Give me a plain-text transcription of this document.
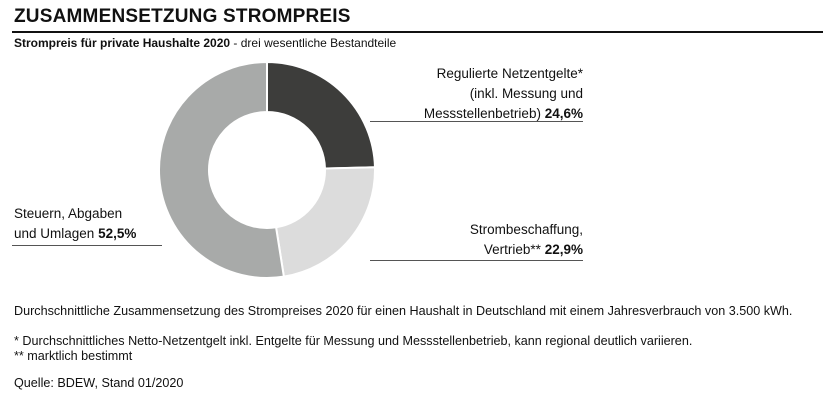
ZUSAMMENSETZUNG STROMPREIS
Strompreis für private Haushalte 2020 - drei wesentliche Bestandteile
Regulierte Netzentgelte*
(inkl. Messung und
Messstellenbetrieb) 24,6%
Strombeschaffung,
Vertrieb** 22,9%
Steuern, Abgaben
und Umlagen 52,5%
Durchschnittliche Zusammensetzung des Strompreises 2020 für einen Haushalt in Deutschland mit einem Jahresverbrauch von 3.500 kWh.
* Durchschnittliches Netto-Netzentgelt inkl. Entgelte für Messung und Messstellenbetrieb, kann regional deutlich variieren.
** marktlich bestimmt
Quelle: BDEW, Stand 01/2020
